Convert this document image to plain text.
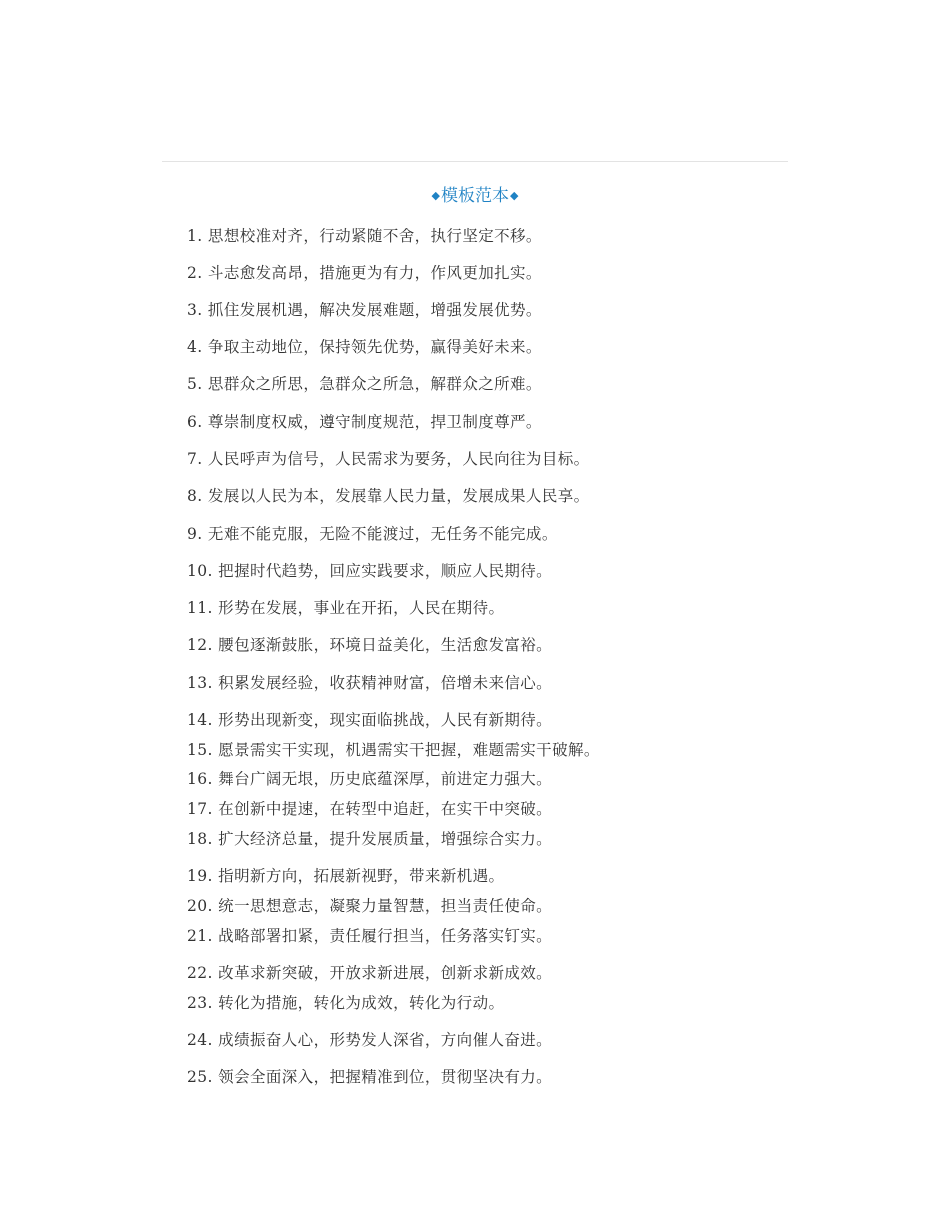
◆模板范本◆
1. 思想校准对齐，行动紧随不舍，执行坚定不移。
2. 斗志愈发高昂，措施更为有力，作风更加扎实。
3. 抓住发展机遇，解决发展难题，增强发展优势。
4. 争取主动地位，保持领先优势，赢得美好未来。
5. 思群众之所思，急群众之所急，解群众之所难。
6. 尊崇制度权威，遵守制度规范，捍卫制度尊严。
7. 人民呼声为信号，人民需求为要务，人民向往为目标。
8. 发展以人民为本，发展靠人民力量，发展成果人民享。
9. 无难不能克服，无险不能渡过，无任务不能完成。
10. 把握时代趋势，回应实践要求，顺应人民期待。
11. 形势在发展，事业在开拓，人民在期待。
12. 腰包逐渐鼓胀，环境日益美化，生活愈发富裕。
13. 积累发展经验，收获精神财富，倍增未来信心。
14. 形势出现新变，现实面临挑战，人民有新期待。
15. 愿景需实干实现，机遇需实干把握，难题需实干破解。
16. 舞台广阔无垠，历史底蕴深厚，前进定力强大。
17. 在创新中提速，在转型中追赶，在实干中突破。
18. 扩大经济总量，提升发展质量，增强综合实力。
19. 指明新方向，拓展新视野，带来新机遇。
20. 统一思想意志，凝聚力量智慧，担当责任使命。
21. 战略部署扣紧，责任履行担当，任务落实钉实。
22. 改革求新突破，开放求新进展，创新求新成效。
23. 转化为措施，转化为成效，转化为行动。
24. 成绩振奋人心，形势发人深省，方向催人奋进。
25. 领会全面深入，把握精准到位，贯彻坚决有力。
